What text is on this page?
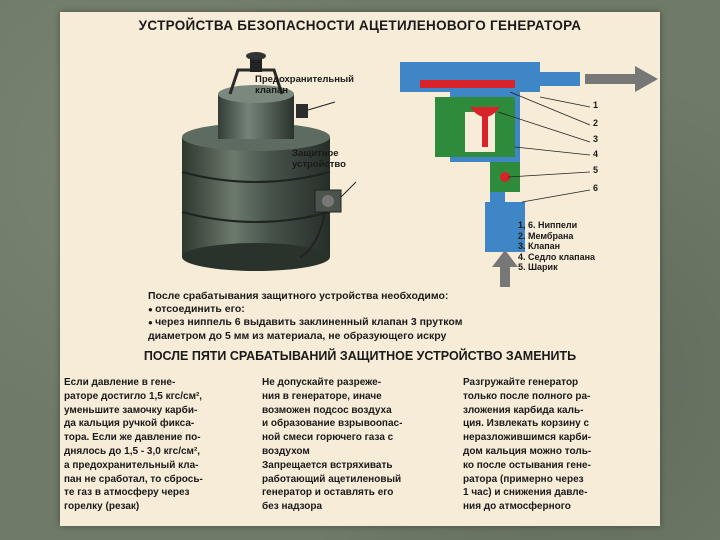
УСТРОЙСТВА БЕЗОПАСНОСТИ АЦЕТИЛЕНОВОГО ГЕНЕРАТОРА
Предохранительный
клапан
Защитное
устройство
1
2
3
4
5
6
1, 6. Ниппели
2. Мембрана
3. Клапан
4. Седло клапана
5. Шарик
После срабатывания защитного устройства необходимо:
● отсоединить его:
● через ниппель 6 выдавить заклиненный клапан 3 прутком
диаметром до 5 мм из материала, не образующего искру
ПОСЛЕ ПЯТИ СРАБАТЫВАНИЙ ЗАЩИТНОЕ УСТРОЙСТВО ЗАМЕНИТЬ
Если давление в гене-
раторе достигло 1,5 кгс/см²,
уменьшите замочку карби-
да кальция ручкой фикса-
тора. Если же давление по-
днялось до 1,5 - 3,0 кгс/см²,
а предохранительный кла-
пан не сработал, то сбрось-
те газ в атмосферу через
горелку (резак)
Не допускайте разреже-
ния в генераторе, иначе
возможен подсос воздуха
и образование взрывоопас-
ной смеси горючего газа с
воздухом
Запрещается встряхивать
работающий ацетиленовый
генератор и оставлять его
без надзора
Разгружайте генератор
только после полного ра-
зложения карбида каль-
ция. Извлекать корзину с
неразложившимся карби-
дом кальция можно толь-
ко после остывания гене-
ратора (примерно через
1 час) и снижения давле-
ния до атмосферного
